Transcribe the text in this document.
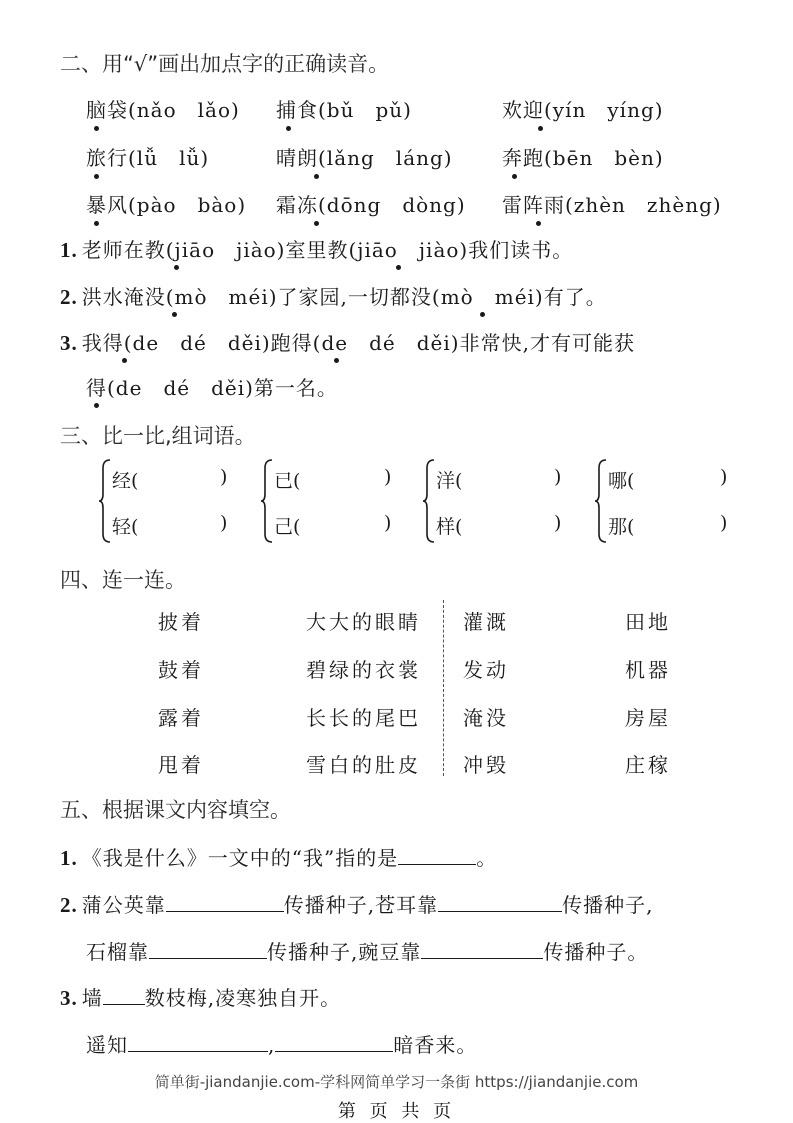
二、用“√”画出加点字的正确读音。
脑袋(nǎo　lǎo) 捕食(bǔ　pǔ)	欢迎(yín　yíng)
旅行(lǚ　lǚ)	晴朗(lǎng　láng) 奔跑(bēn　bèn)
暴风(pào　bào) 霜冻(dōng　dòng) 雷阵雨(zhèn　zhèng)
1. 老师在教(jiāo　jiào)室里教(jiāo　jiào)我们读书。
2. 洪水淹没(mò　méi)了家园,一切都没(mò　méi)有了。
3. 我得(de　dé　děi)跑得(de　dé　děi)非常快,才有可能获
得(de　dé　děi)第一名。
三、比一比,组词语。
经(	)
轻(	)
已(	)
己(	)
洋(	)
样(	)
哪(	)
那(	)
四、连一连。
披着	大大的眼睛 灌溉	田地
鼓着	碧绿的衣裳 发动	机器
露着	长长的尾巴 淹没	房屋
甩着	雪白的肚皮 冲毁	庄稼
五、根据课文内容填空。
1. 《我是什么》一文中的“我”指的是	。
2. 蒲公英靠	传播种子,苍耳靠	传播种子,
石榴靠	传播种子,豌豆靠	传播种子。
3. 墙 数枝梅,凌寒独自开。
遥知	,	暗香来。
简单街-jiandanjie.com-学科网简单学习一条街 https://jiandanjie.com
第 页 共 页
